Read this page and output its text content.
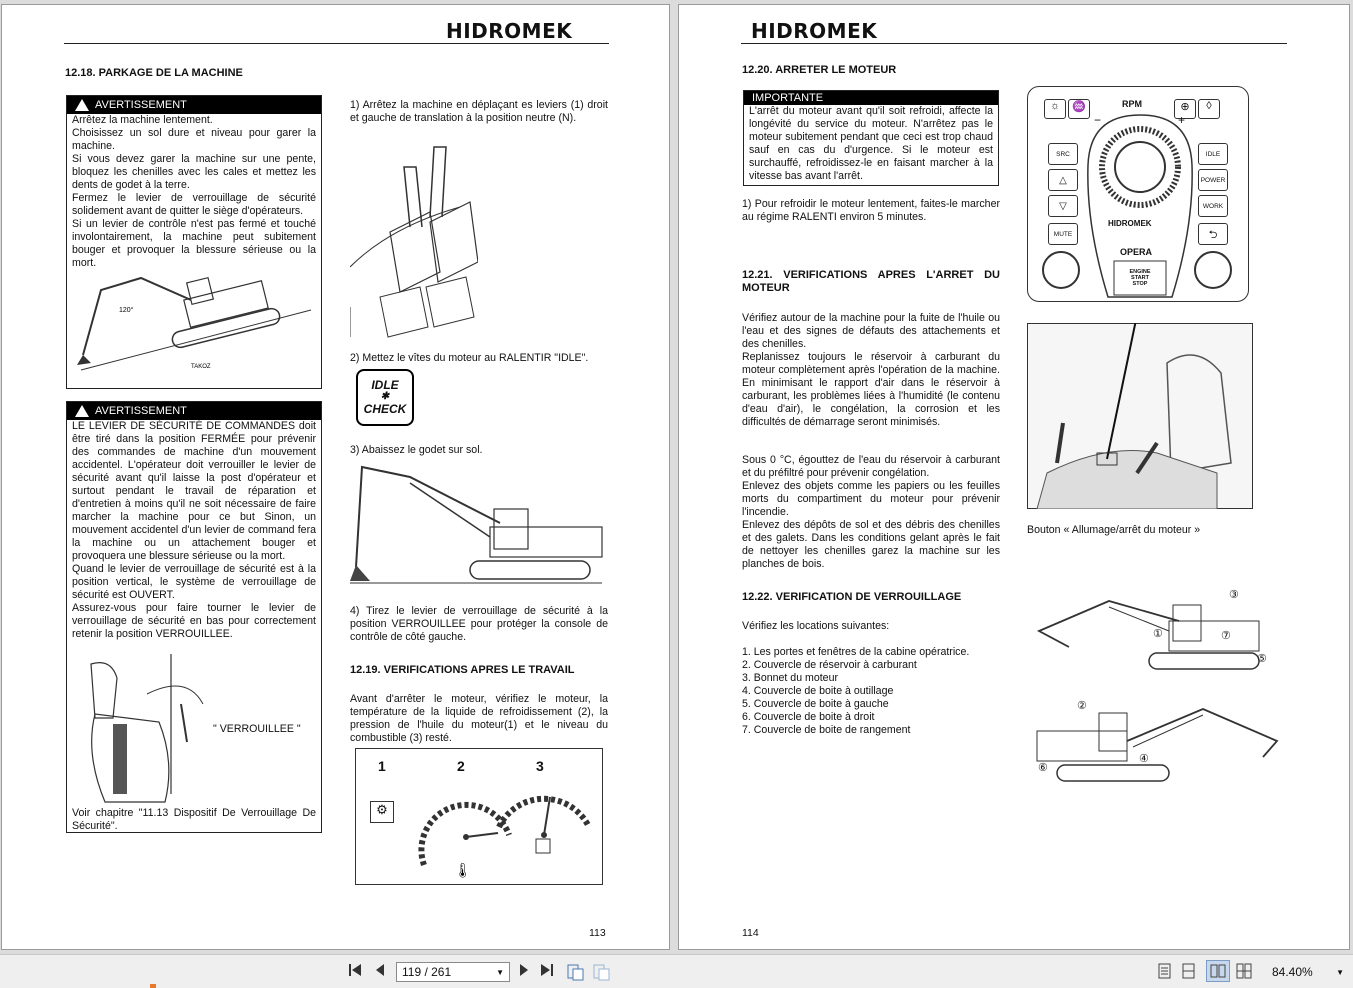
HIDROMEK
12.18. PARKAGE DE LA MACHINE
AVERTISSEMENT
Arrêtez la machine lentement.
Choisissez un sol dure et niveau pour garer la machine.
Si vous devez garer la machine sur une pente, bloquez les chenilles avec les cales et mettez les dents de godet à la terre.
Fermez le levier de verrouillage de sécurité solidement avant de quitter le siège d'opérateurs.
Si un levier de contrôle n'est pas fermé et touché involontairement, la machine peut subitement bouger et provoquer la blessure sérieuse ou la mort.
120°
TAKOZ
AVERTISSEMENT
LE LEVIER DE SÉCURITÉ DE COMMANDES doit être tiré dans la position FERMÉE pour prévenir des commandes de machine d'un mouvement accidentel. L'opérateur doit verrouiller le levier de sécurité avant qu'il laisse la post d'opérateur et surtout pendant le travail de réparation et d'entretien à moins qu'il ne soit nécessaire de faire marcher la machine pour ce but Sinon, un mouvement accidentel d'un levier de command fera la machine ou un attachement bouger et provoquera une blessure sérieuse ou la mort.
Quand le levier de verrouillage de sécurité est à la position vertical, le système de verrouillage de sécurité est OUVERT.
Assurez-vous pour faire tourner le levier de verrouillage de sécurité en bas pour correctement retenir la position VERROUILLEE.
" VERROUILLEE "
Voir chapitre "11.13 Dispositif De Verrouillage De Sécurité".
1) Arrêtez la machine en déplaçant es leviers (1) droit et gauche de translation à la position neutre (N).
2) Mettez le vîtes du moteur au RALENTIR "IDLE".
IDLE
✱
CHECK
3) Abaissez le godet sur sol.
4) Tirez le levier de verrouillage de sécurité à la position VERROUILLEE pour protéger la console de contrôle de côté gauche.
12.19. VERIFICATIONS APRES LE TRAVAIL
Avant d'arrêter le moteur, vérifiez le moteur, la température de la liquide de refroidissement (2), la pression de l'huile du moteur(1) et le niveau du combustible (3) resté.
1	2	3
⚙
🌡
113
HIDROMEK
12.20. ARRETER LE MOTEUR
IMPORTANTE
L'arrêt du moteur avant qu'il soit refroidi, affecte la longévité du service du moteur. N'arrêtez pas le moteur subitement pendant que ceci est trop chaud sauf en cas du d'urgence. Si le moteur est surchauffé, refroidissez-le en faisant marcher à la vitesse bas avant l'arrêt.
1) Pour refroidir le moteur lentement, faites-le marcher au régime RALENTI environ 5 minutes.
12.21. VERIFICATIONS APRES L'ARRET DU MOTEUR
Vérifiez autour de la machine pour la fuite de l'huile ou l'eau et des signes de défauts des attachements et des chenilles.
Replanissez toujours le réservoir à carburant du moteur complètement après l'opération de la machine. En minimisant le rapport d'air dans le réservoir à carburant, les problèmes liées à l'humidité (le contenu d'eau d'air), le congélation, la corrosion et les difficultés de démarrage seront minimisés.
Sous 0 °C, égouttez de l'eau du réservoir à carburant et du préfiltré pour prévenir congélation.
Enlevez des objets comme les papiers ou les feuilles morts du compartiment du moteur pour prévenir l'incendie.
Enlevez des dépôts de sol et des débris des chenilles et des galets. Dans les conditions gelant après le fait de nettoyer les chenilles garez la machine sur les planches de bois.
☼	♒	RPM	⊕	◊
−	+
SRC
△
▽
MUTE
IDLE
POWER
WORK
⮌
HIDROMEK
OPERA
ENGINE
START
STOP
Bouton « Allumage/arrêt du moteur »
12.22. VERIFICATION DE VERROUILLAGE
Vérifiez les locations suivantes:
1. Les portes et fenêtres de la cabine opératrice.
2. Couvercle de réservoir à carburant
3. Bonnet du moteur
4. Couvercle de boite à outillage
5. Couvercle de boite à gauche
6. Couvercle de boite à droit
7. Couvercle de boite de rangement
①
③
⑦
⑤
②
④
⑥
114
119 / 261	▼	84.40%	▼
